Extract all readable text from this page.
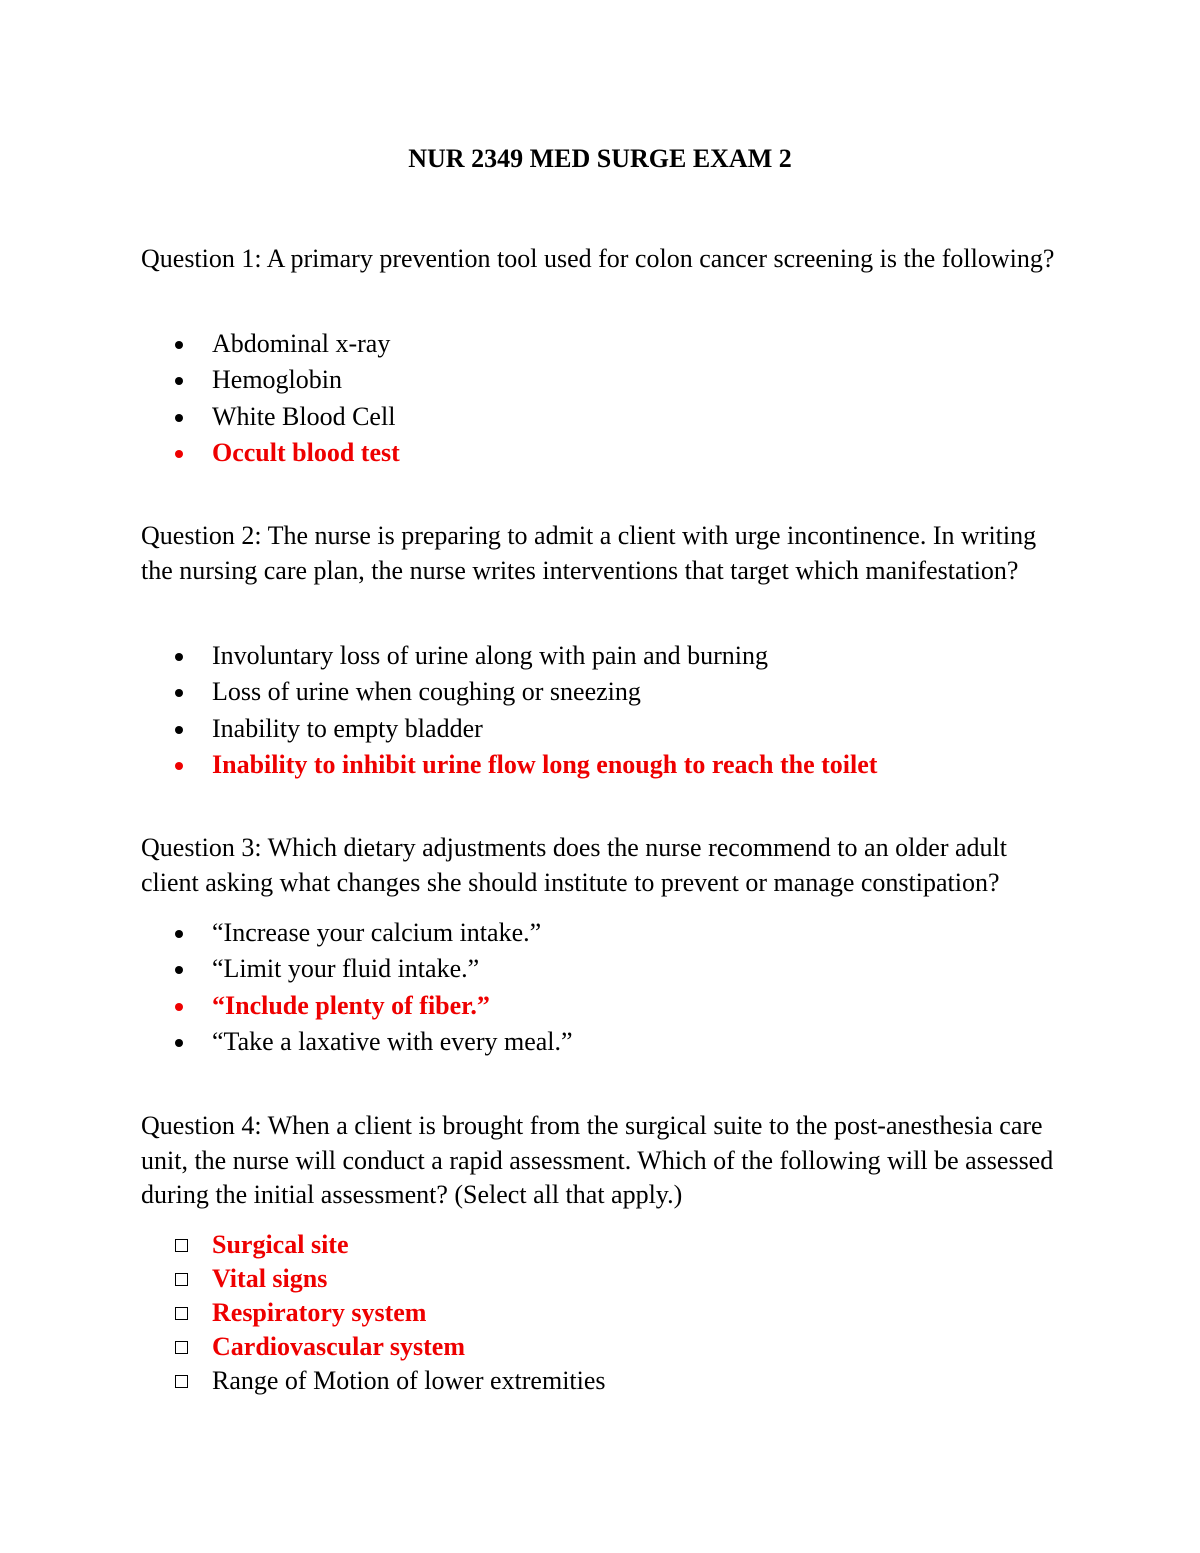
NUR 2349 MED SURGE EXAM 2

Question 1: A primary prevention tool used for colon cancer screening is the following?

Abdominal x-ray
Hemoglobin
White Blood Cell
Occult blood test

Question 2: The nurse is preparing to admit a client with urge incontinence. In writing the nursing care plan, the nurse writes interventions that target which manifestation?

Involuntary loss of urine along with pain and burning
Loss of urine when coughing or sneezing
Inability to empty bladder
Inability to inhibit urine flow long enough to reach the toilet

Question 3: Which dietary adjustments does the nurse recommend to an older adult client asking what changes she should institute to prevent or manage constipation?

“Increase your calcium intake.”
“Limit your fluid intake.”
“Include plenty of fiber.”
“Take a laxative with every meal.”

Question 4: When a client is brought from the surgical suite to the post-anesthesia care unit, the nurse will conduct a rapid assessment. Which of the following will be assessed during the initial assessment? (Select all that apply.)

Surgical site
Vital signs
Respiratory system
Cardiovascular system
Range of Motion of lower extremities
